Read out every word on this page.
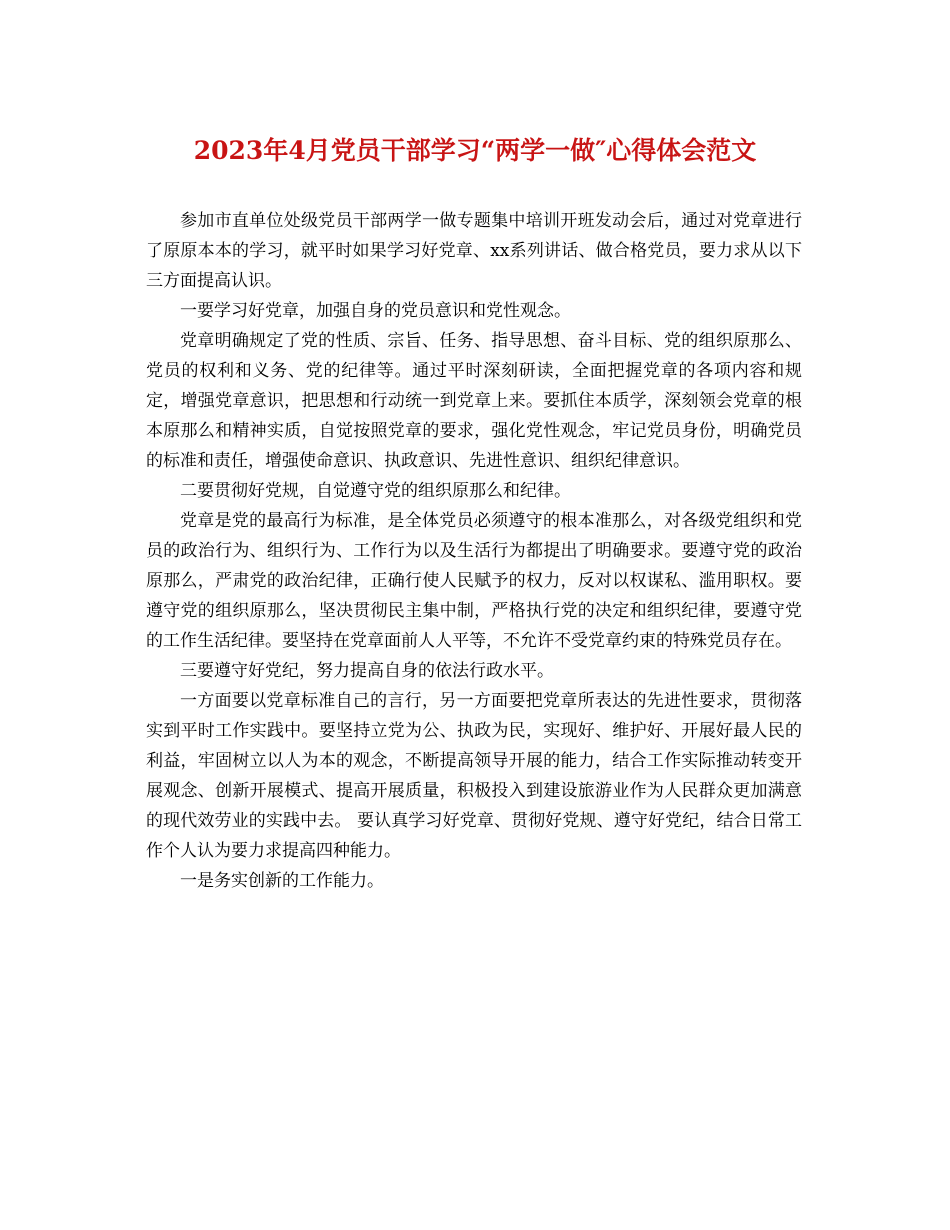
2023年4月党员干部学习“两学一做″心得体会范文

参加市直单位处级党员干部两学一做专题集中培训开班发动会后，通过对党章进行了原原本本的学习，就平时如果学习好党章、xx系列讲话、做合格党员，要力求从以下三方面提高认识。

一要学习好党章，加强自身的党员意识和党性观念。

党章明确规定了党的性质、宗旨、任务、指导思想、奋斗目标、党的组织原那么、党员的权利和义务、党的纪律等。通过平时深刻研读，全面把握党章的各项内容和规定，增强党章意识，把思想和行动统一到党章上来。要抓住本质学，深刻领会党章的根本原那么和精神实质，自觉按照党章的要求，强化党性观念，牢记党员身份，明确党员的标准和责任，增强使命意识、执政意识、先进性意识、组织纪律意识。

二要贯彻好党规，自觉遵守党的组织原那么和纪律。

党章是党的最高行为标准，是全体党员必须遵守的根本准那么，对各级党组织和党员的政治行为、组织行为、工作行为以及生活行为都提出了明确要求。要遵守党的政治原那么，严肃党的政治纪律，正确行使人民赋予的权力，反对以权谋私、滥用职权。要遵守党的组织原那么，坚决贯彻民主集中制，严格执行党的决定和组织纪律，要遵守党的工作生活纪律。要坚持在党章面前人人平等，不允许不受党章约束的特殊党员存在。

三要遵守好党纪，努力提高自身的依法行政水平。

一方面要以党章标准自己的言行，另一方面要把党章所表达的先进性要求，贯彻落实到平时工作实践中。要坚持立党为公、执政为民，实现好、维护好、开展好最人民的利益，牢固树立以人为本的观念，不断提高领导开展的能力，结合工作实际推动转变开展观念、创新开展模式、提高开展质量，积极投入到建设旅游业作为人民群众更加满意的现代效劳业的实践中去。 要认真学习好党章、贯彻好党规、遵守好党纪，结合日常工作个人认为要力求提高四种能力。

一是务实创新的工作能力。
